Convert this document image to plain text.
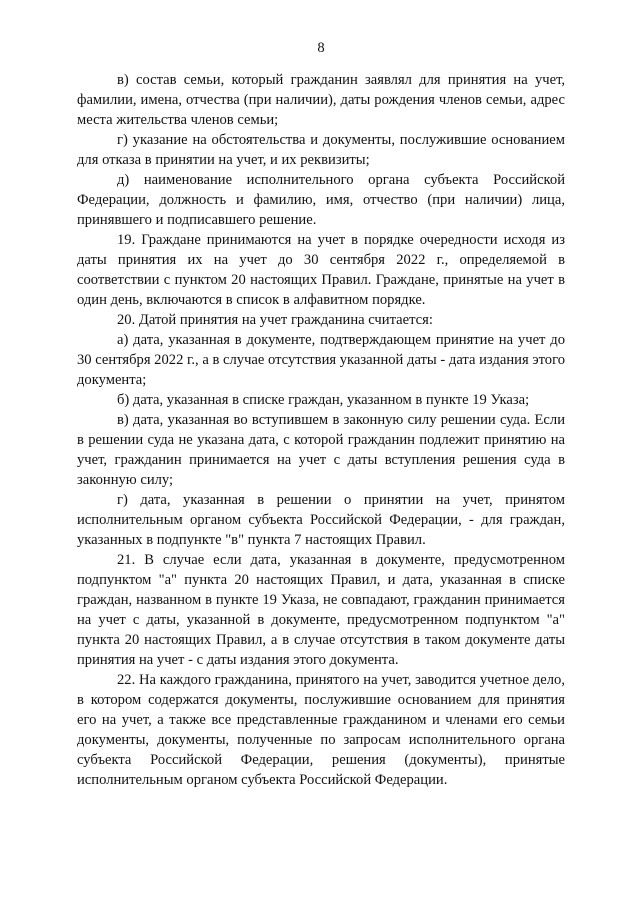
8

в) состав семьи, который гражданин заявлял для принятия на учет, фамилии, имена, отчества (при наличии), даты рождения членов семьи, адрес места жительства членов семьи;

г) указание на обстоятельства и документы, послужившие основанием для отказа в принятии на учет, и их реквизиты;

д) наименование исполнительного органа субъекта Российской Федерации, должность и фамилию, имя, отчество (при наличии) лица, принявшего и подписавшего решение.

19. Граждане принимаются на учет в порядке очередности исходя из даты принятия их на учет до 30 сентября 2022 г., определяемой в соответствии с пунктом 20 настоящих Правил. Граждане, принятые на учет в один день, включаются в список в алфавитном порядке.

20. Датой принятия на учет гражданина считается:

а) дата, указанная в документе, подтверждающем принятие на учет до 30 сентября 2022 г., а в случае отсутствия указанной даты - дата издания этого документа;

б) дата, указанная в списке граждан, указанном в пункте 19 Указа;

в) дата, указанная во вступившем в законную силу решении суда. Если в решении суда не указана дата, с которой гражданин подлежит принятию на учет, гражданин принимается на учет с даты вступления решения суда в законную силу;

г) дата, указанная в решении о принятии на учет, принятом исполнительным органом субъекта Российской Федерации, - для граждан, указанных в подпункте "в" пункта 7 настоящих Правил.

21. В случае если дата, указанная в документе, предусмотренном подпунктом "а" пункта 20 настоящих Правил, и дата, указанная в списке граждан, названном в пункте 19 Указа, не совпадают, гражданин принимается на учет с даты, указанной в документе, предусмотренном подпунктом "а" пункта 20 настоящих Правил, а в случае отсутствия в таком документе даты принятия на учет - с даты издания этого документа.

22. На каждого гражданина, принятого на учет, заводится учетное дело, в котором содержатся документы, послужившие основанием для принятия его на учет, а также все представленные гражданином и членами его семьи документы, документы, полученные по запросам исполнительного органа субъекта Российской Федерации, решения (документы), принятые исполнительным органом субъекта Российской Федерации.
